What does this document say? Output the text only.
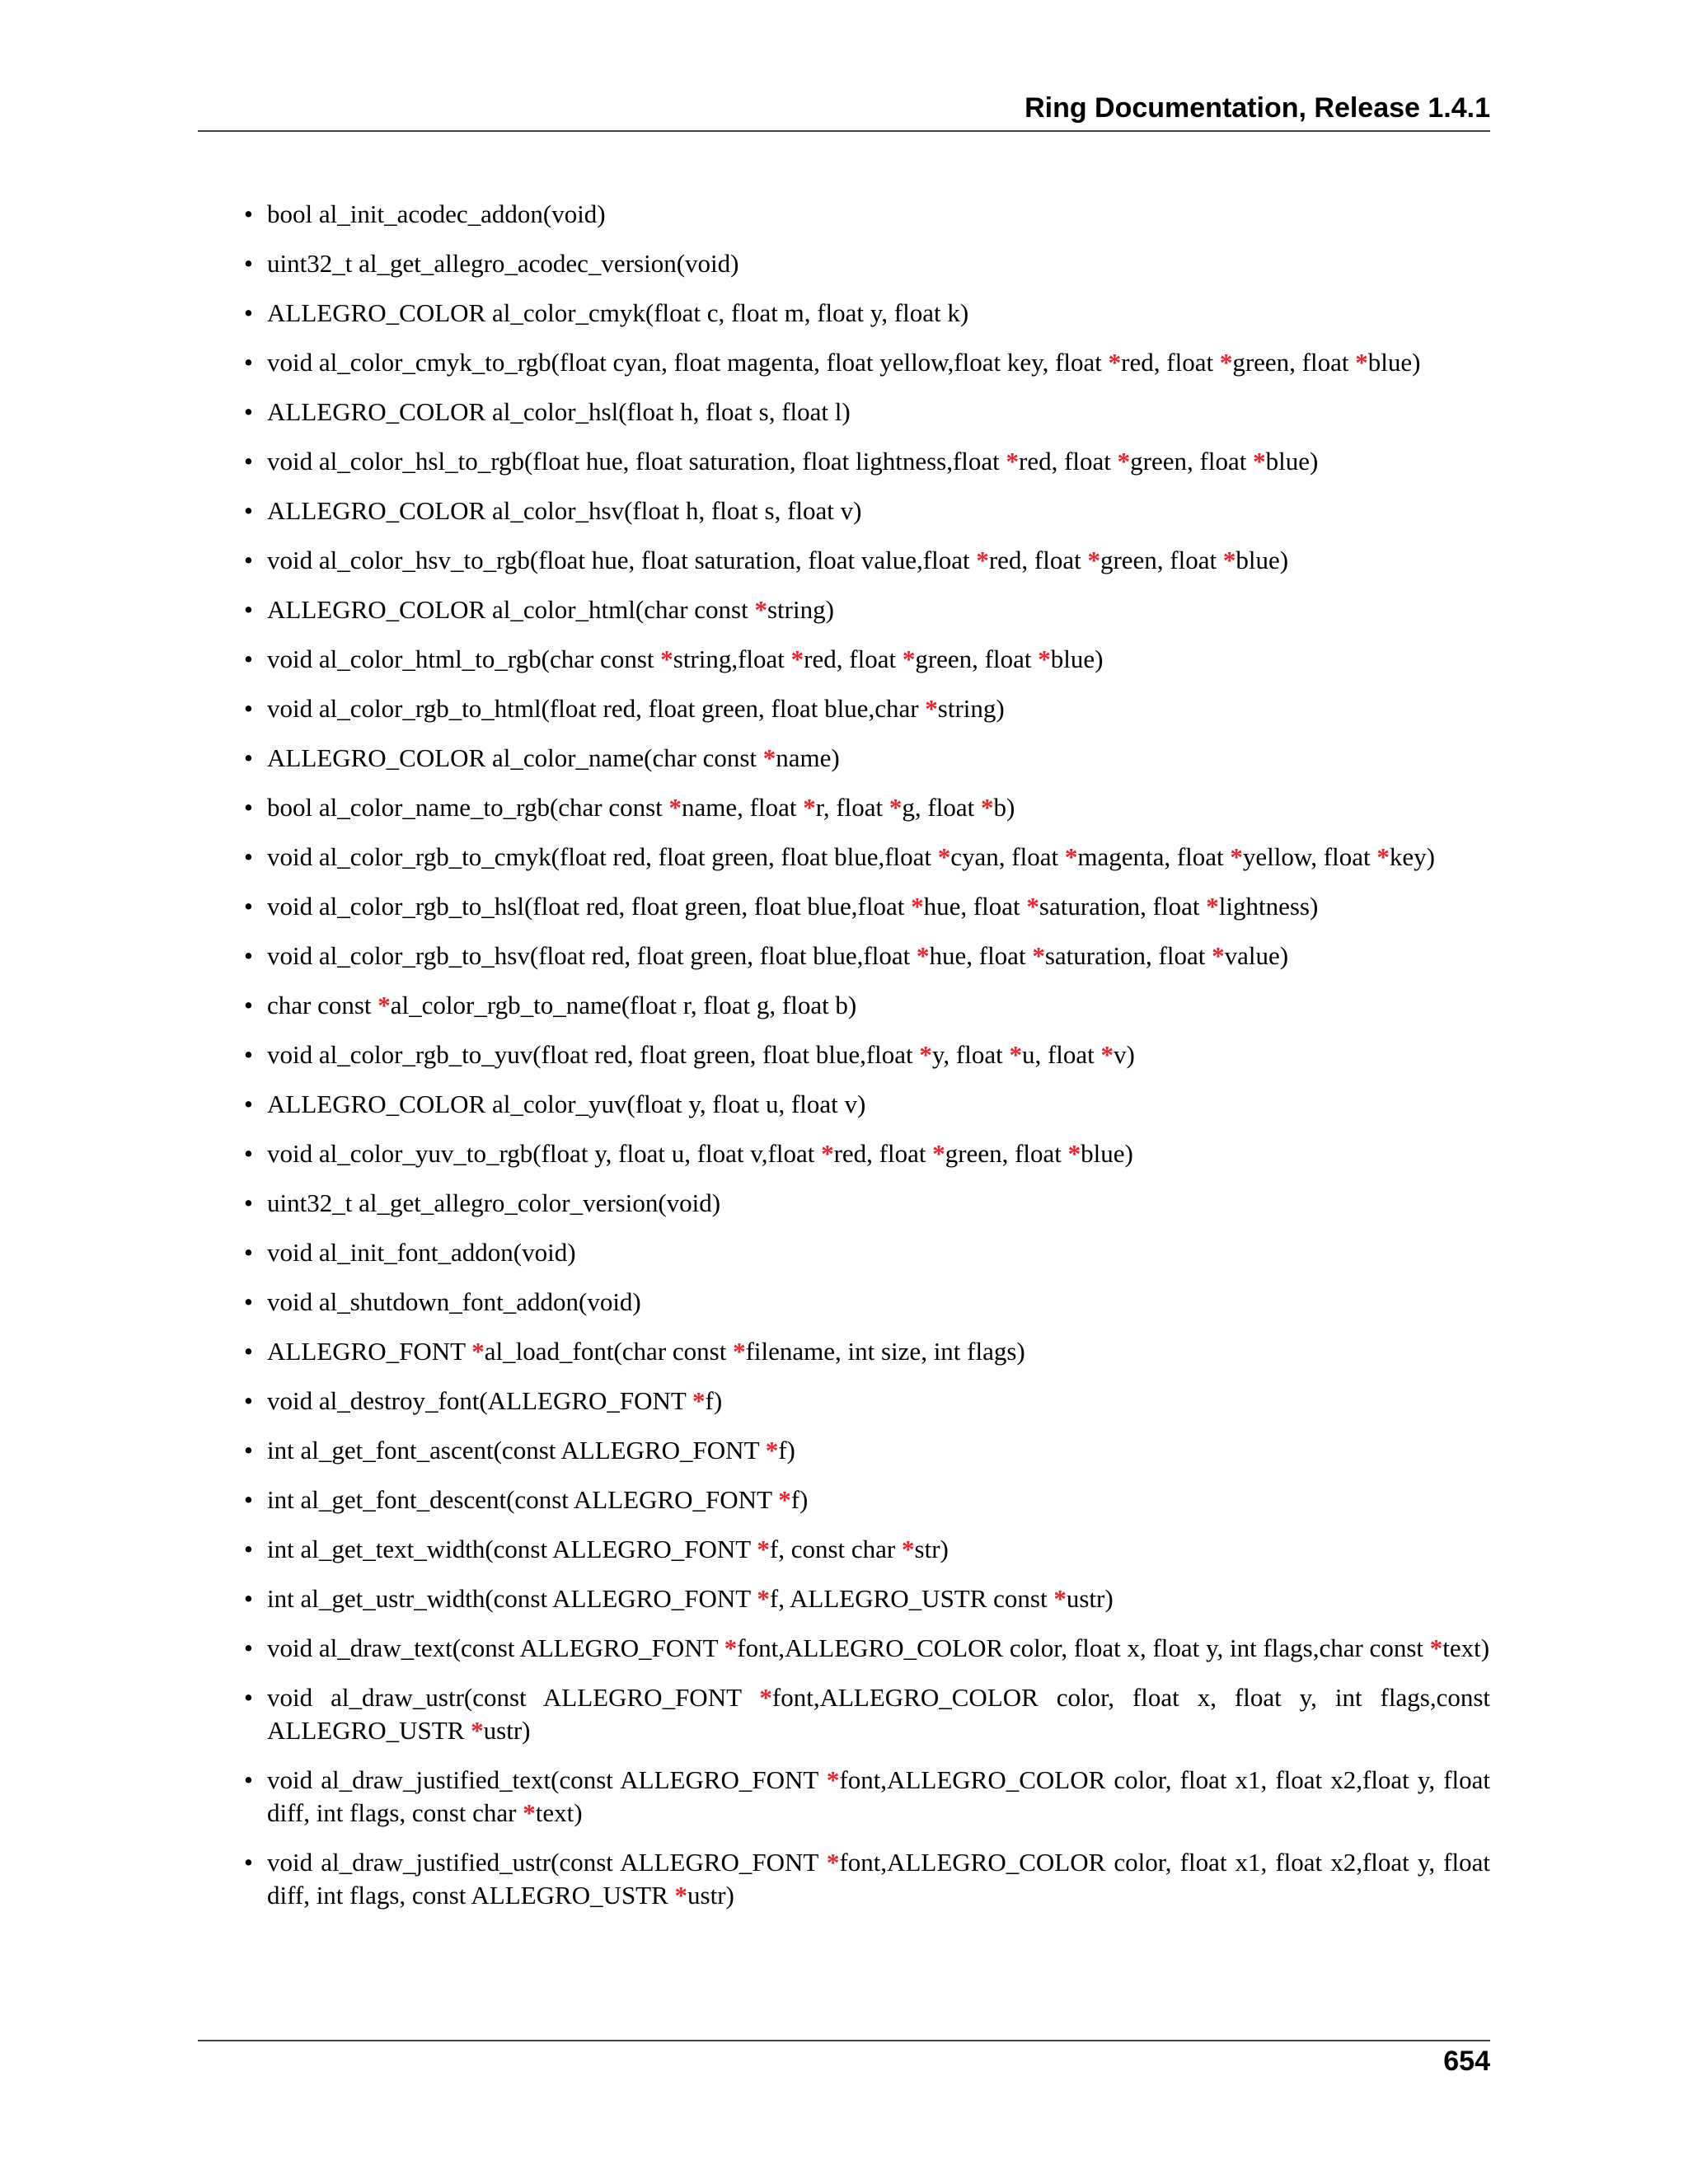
Ring Documentation, Release 1.4.1
• bool al_init_acodec_addon(void)
• uint32_t al_get_allegro_acodec_version(void)
• ALLEGRO_COLOR al_color_cmyk(float c, float m, float y, float k)
• void al_color_cmyk_to_rgb(float cyan, float magenta, float yellow,float key, float *red, float *green, float *blue)
• ALLEGRO_COLOR al_color_hsl(float h, float s, float l)
• void al_color_hsl_to_rgb(float hue, float saturation, float lightness,float *red, float *green, float *blue)
• ALLEGRO_COLOR al_color_hsv(float h, float s, float v)
• void al_color_hsv_to_rgb(float hue, float saturation, float value,float *red, float *green, float *blue)
• ALLEGRO_COLOR al_color_html(char const *string)
• void al_color_html_to_rgb(char const *string,float *red, float *green, float *blue)
• void al_color_rgb_to_html(float red, float green, float blue,char *string)
• ALLEGRO_COLOR al_color_name(char const *name)
• bool al_color_name_to_rgb(char const *name, float *r, float *g, float *b)
• void al_color_rgb_to_cmyk(float red, float green, float blue,float *cyan, float *magenta, float *yellow, float *key)
• void al_color_rgb_to_hsl(float red, float green, float blue,float *hue, float *saturation, float *lightness)
• void al_color_rgb_to_hsv(float red, float green, float blue,float *hue, float *saturation, float *value)
• char const *al_color_rgb_to_name(float r, float g, float b)
• void al_color_rgb_to_yuv(float red, float green, float blue,float *y, float *u, float *v)
• ALLEGRO_COLOR al_color_yuv(float y, float u, float v)
• void al_color_yuv_to_rgb(float y, float u, float v,float *red, float *green, float *blue)
• uint32_t al_get_allegro_color_version(void)
• void al_init_font_addon(void)
• void al_shutdown_font_addon(void)
• ALLEGRO_FONT *al_load_font(char const *filename, int size, int flags)
• void al_destroy_font(ALLEGRO_FONT *f)
• int al_get_font_ascent(const ALLEGRO_FONT *f)
• int al_get_font_descent(const ALLEGRO_FONT *f)
• int al_get_text_width(const ALLEGRO_FONT *f, const char *str)
• int al_get_ustr_width(const ALLEGRO_FONT *f, ALLEGRO_USTR const *ustr)
• void al_draw_text(const ALLEGRO_FONT *font,ALLEGRO_COLOR color, float x, float y, int flags,char const *text)
• void al_draw_ustr(const ALLEGRO_FONT *font,ALLEGRO_COLOR color, float x, float y, int flags,const ALLEGRO_USTR *ustr)
• void al_draw_justified_text(const ALLEGRO_FONT *font,ALLEGRO_COLOR color, float x1, float x2,float y, float diff, int flags, const char *text)
• void al_draw_justified_ustr(const ALLEGRO_FONT *font,ALLEGRO_COLOR color, float x1, float x2,float y, float diff, int flags, const ALLEGRO_USTR *ustr)
654
